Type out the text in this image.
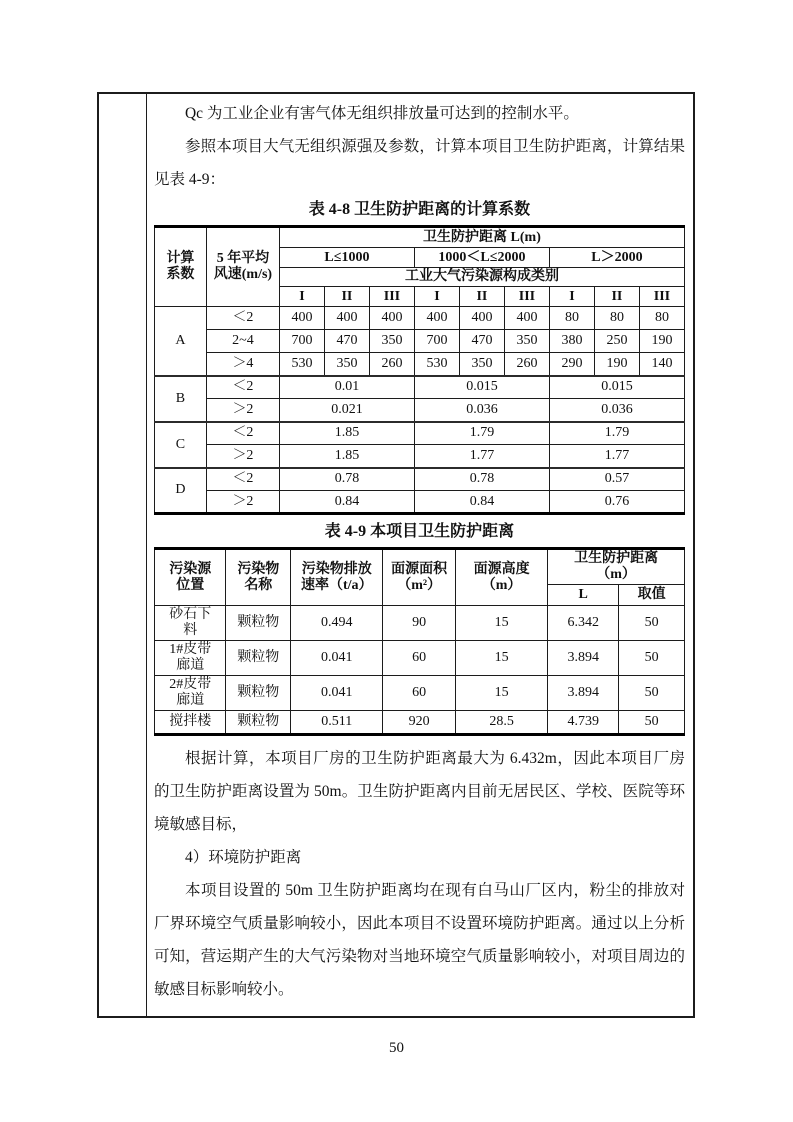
Qc 为工业企业有害气体无组织排放量可达到的控制水平。

参照本项目大气无组织源强及参数，计算本项目卫生防护距离，计算结果见表 4-9：

表 4-8 卫生防护距离的计算系数
计算
系数	5 年平均
风速(m/s)	卫生防护距离 L(m)								
		L≤1000			1000＜L≤2000			L＞2000		
		工业大气污染源构成类别								
		I	II	III	I	II	III	I	II	III
A	＜2	400	400	400	400	400	400	80	80	80
	2~4	700	470	350	700	470	350	380	250	190
	＞4	530	350	260	530	350	260	290	190	140
B	＜2	0.01			0.015			0.015		
	＞2	0.021			0.036			0.036		
C	＜2	1.85			1.79			1.79		
	＞2	1.85			1.77			1.77		
D	＜2	0.78			0.78			0.57		
	＞2	0.84			0.84			0.76		
表 4-9 本项目卫生防护距离
污染源
位置	污染物
名称	污染物排放
速率（t/a）	面源面积
（m²）	面源高度
（m）	卫生防护距离
（m）	
					L	取值
砂石下
料	颗粒物	0.494	90	15	6.342	50
1#皮带
廊道	颗粒物	0.041	60	15	3.894	50
2#皮带
廊道	颗粒物	0.041	60	15	3.894	50
搅拌楼	颗粒物	0.511	920	28.5	4.739	50

根据计算，本项目厂房的卫生防护距离最大为 6.432m，因此本项目厂房的卫生防护距离设置为 50m。卫生防护距离内目前无居民区、学校、医院等环境敏感目标，

4）环境防护距离

本项目设置的 50m 卫生防护距离均在现有白马山厂区内，粉尘的排放对厂界环境空气质量影响较小，因此本项目不设置环境防护距离。通过以上分析可知，营运期产生的大气污染物对当地环境空气质量影响较小，对项目周边的敏感目标影响较小。

50
